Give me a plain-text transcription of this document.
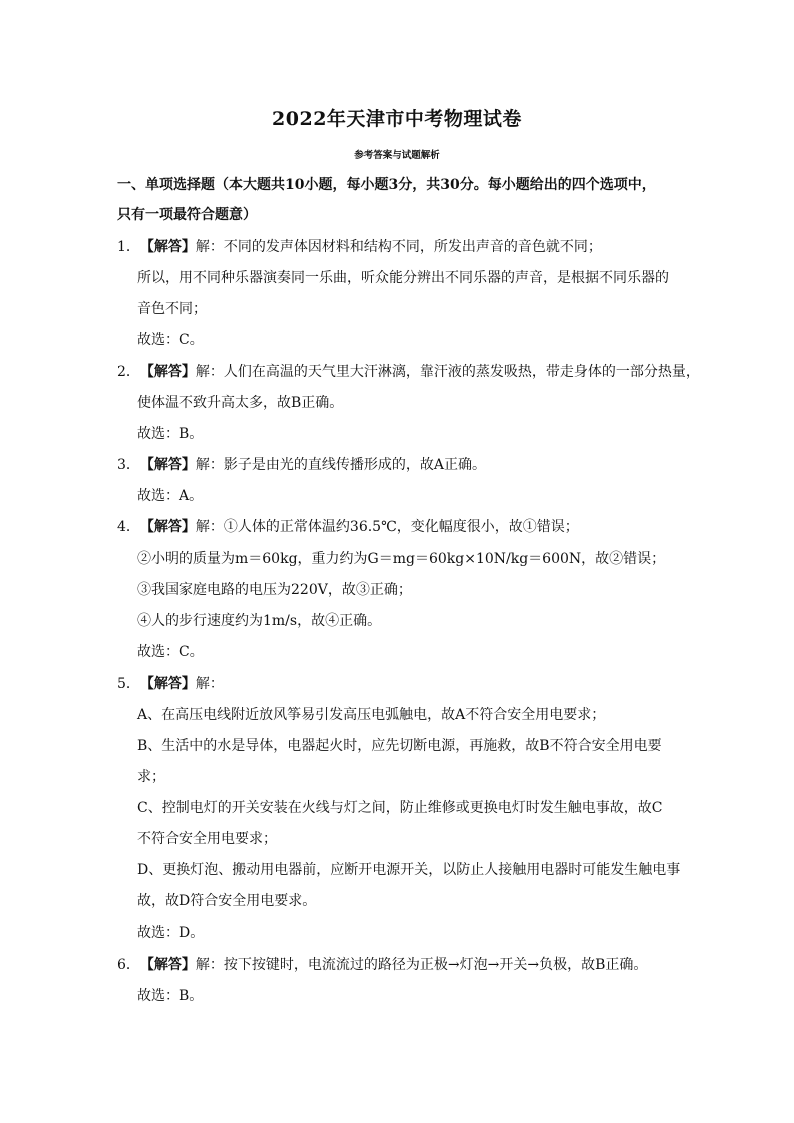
2022年天津市中考物理试卷
参考答案与试题解析
一、单项选择题（本大题共10小题，每小题3分，共30分。每小题给出的四个选项中，
只有一项最符合题意）
1．【解答】解：不同的发声体因材料和结构不同，所发出声音的音色就不同；
所以，用不同种乐器演奏同一乐曲，听众能分辨出不同乐器的声音，是根据不同乐器的
音色不同；
故选：C。
2．【解答】解：人们在高温的天气里大汗淋漓，靠汗液的蒸发吸热，带走身体的一部分热量，
使体温不致升高太多，故B正确。
故选：B。
3．【解答】解：影子是由光的直线传播形成的，故A正确。
故选：A。
4．【解答】解：①人体的正常体温约36.5℃，变化幅度很小，故①错误；
②小明的质量为m＝60kg，重力约为G＝mg＝60kg×10N/kg＝600N，故②错误；
③我国家庭电路的电压为220V，故③正确；
④人的步行速度约为1m/s，故④正确。
故选：C。
5．【解答】解：
A、在高压电线附近放风筝易引发高压电弧触电，故A不符合安全用电要求；
B、生活中的水是导体，电器起火时，应先切断电源，再施救，故B不符合安全用电要
求；
C、控制电灯的开关安装在火线与灯之间，防止维修或更换电灯时发生触电事故，故C
不符合安全用电要求；
D、更换灯泡、搬动用电器前，应断开电源开关，以防止人接触用电器时可能发生触电事
故，故D符合安全用电要求。
故选：D。
6．【解答】解：按下按键时，电流流过的路径为正极→灯泡→开关→负极，故B正确。
故选：B。
